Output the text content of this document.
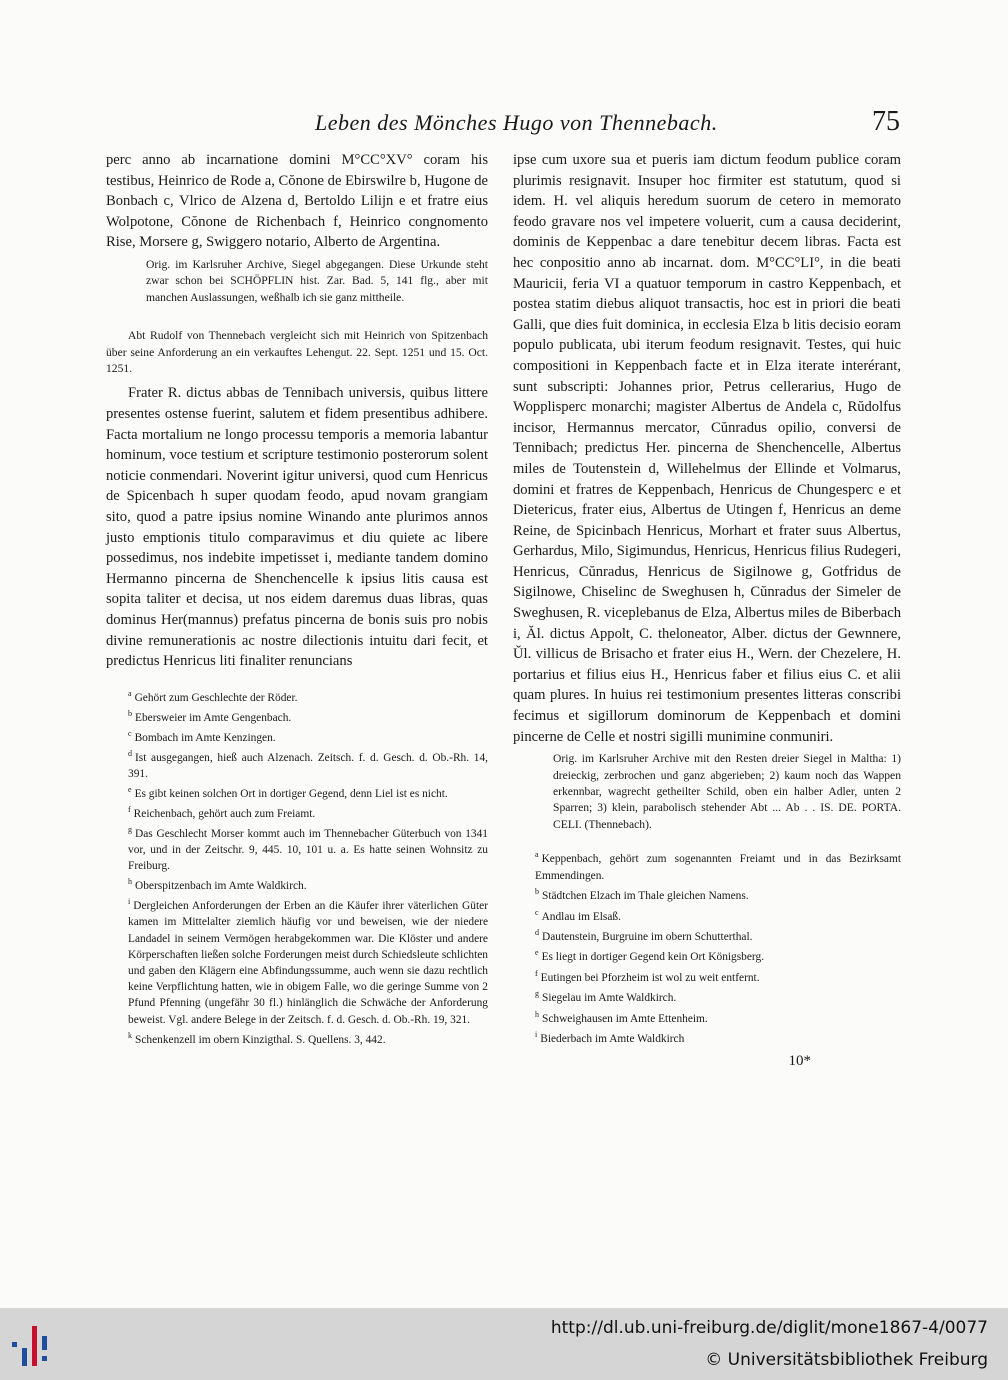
Leben des Mönches Hugo von Thennebach.	75

perc anno ab incarnatione domini M°CC°XV° coram his testibus, Heinrico de Rode a, Cŏnone de Ebirswilre b, Hugone de Bonbach c, Vlrico de Alzena d, Bertoldo Lilijn e et fratre eius Wolpotone, Cŏnone de Richenbach f, Heinrico congnomento Rise, Morsere g, Swiggero notario, Alberto de Argentina.

Orig. im Karlsruher Archive, Siegel abgegangen. Diese Urkunde steht zwar schon bei SCHÖPFLIN hist. Zar. Bad. 5, 141 flg., aber mit manchen Auslassungen, weßhalb ich sie ganz mittheile.

Abt Rudolf von Thennebach vergleicht sich mit Heinrich von Spitzenbach über seine Anforderung an ein verkauftes Lehengut. 22. Sept. 1251 und 15. Oct. 1251.

Frater R. dictus abbas de Tennibach universis, quibus littere presentes ostense fuerint, salutem et fidem presentibus adhibere. Facta mortalium ne longo processu temporis a memoria labantur hominum, voce testium et scripture testimonio posterorum solent noticie conmendari. Noverint igitur universi, quod cum Henricus de Spicenbach h super quodam feodo, apud novam grangiam sito, quod a patre ipsius nomine Winando ante plurimos annos justo emptionis titulo comparavimus et diu quiete ac libere possedimus, nos indebite impetisset i, mediante tandem domino Hermanno pincerna de Shenchencelle k ipsius litis causa est sopita taliter et decisa, ut nos eidem daremus duas libras, quas dominus Her(mannus) prefatus pincerna de bonis suis pro nobis divine remunerationis ac nostre dilectionis intuitu dari fecit, et predictus Henricus liti finaliter renuncians

$^a$ Gehört zum Geschlechte der Röder.

$^b$ Ebersweier im Amte Gengenbach.

$^c$ Bombach im Amte Kenzingen.

$^d$ Ist ausgegangen, hieß auch Alzenach. Zeitsch. f. d. Gesch. d. Ob.-Rh. 14, 391.

$^e$ Es gibt keinen solchen Ort in dortiger Gegend, denn Liel ist es nicht.

$^f$ Reichenbach, gehört auch zum Freiamt.

$^g$ Das Geschlecht Morser kommt auch im Thennebacher Güterbuch von 1341 vor, und in der Zeitschr. 9, 445. 10, 101 u. a. Es hatte seinen Wohnsitz zu Freiburg.

$^h$ Oberspitzenbach im Amte Waldkirch.

$^i$ Dergleichen Anforderungen der Erben an die Käufer ihrer väterlichen Güter kamen im Mittelalter ziemlich häufig vor und beweisen, wie der niedere Landadel in seinem Vermögen herabgekommen war. Die Klöster und andere Körperschaften ließen solche Forderungen meist durch Schiedsleute schlichten und gaben den Klägern eine Abfindungssumme, auch wenn sie dazu rechtlich keine Verpflichtung hatten, wie in obigem Falle, wo die geringe Summe von 2 Pfund Pfenning (ungefähr 30 fl.) hinlänglich die Schwäche der Anforderung beweist. Vgl. andere Belege in der Zeitsch. f. d. Gesch. d. Ob.-Rh. 19, 321.

$^k$ Schenkenzell im obern Kinzigthal. S. Quellens. 3, 442.

ipse cum uxore sua et pueris iam dictum feodum publice coram plurimis resignavit. Insuper hoc firmiter est statutum, quod si idem. H. vel aliquis heredum suorum de cetero in memorato feodo gravare nos vel impetere voluerit, cum a causa deciderint, dominis de Keppenbac a dare tenebitur decem libras. Facta est hec conpositio anno ab incarnat. dom. M°CC°LI°, in die beati Mauricii, feria VI a quatuor temporum in castro Keppenbach, et postea statim diebus aliquot transactis, hoc est in priori die beati Galli, que dies fuit dominica, in ecclesia Elza b litis decisio eoram populo publicata, ubi iterum feodum resignavit. Testes, qui huic compositioni in Keppenbach facte et in Elza iterate interérant, sunt subscripti: Johannes prior, Petrus cellerarius, Hugo de Wopplisperc monarchi; magister Albertus de Andela c, Rŭdolfus incisor, Hermannus mercator, Cŭnradus opilio, conversi de Tennibach; predictus Her. pincerna de Shenchencelle, Albertus miles de Toutenstein d, Willehelmus der Ellinde et Volmarus, domini et fratres de Keppenbach, Henricus de Chungesperc e et Dietericus, frater eius, Albertus de Utingen f, Henricus an deme Reine, de Spicinbach Henricus, Morhart et frater suus Albertus, Gerhardus, Milo, Sigimundus, Henricus, Henricus filius Rudegeri, Henricus, Cŭnradus, Henricus de Sigilnowe g, Gotfridus de Sigilnowe, Chiselinc de Sweghusen h, Cŭnradus der Simeler de Sweghusen, R. viceplebanus de Elza, Albertus miles de Biberbach i, Ăl. dictus Appolt, C. theloneator, Alber. dictus der Gewnnere, Ŭl. villicus de Brisacho et frater eius H., Wern. der Chezelere, H. portarius et filius eius H., Henricus faber et filius eius C. et alii quam plures. In huius rei testimonium presentes litteras conscribi fecimus et sigillorum dominorum de Keppenbach et domini pincerne de Celle et nostri sigilli munimine conmuniri.

Orig. im Karlsruher Archive mit den Resten dreier Siegel in Maltha: 1) dreieckig, zerbrochen und ganz abgerieben; 2) kaum noch das Wappen erkennbar, wagrecht getheilter Schild, oben ein halber Adler, unten 2 Sparren; 3) klein, parabolisch stehender Abt ... Ab . . IS. DE. PORTA. CELI. (Thennebach).

$^a$ Keppenbach, gehört zum sogenannten Freiamt und in das Bezirksamt Emmendingen.

$^b$ Städtchen Elzach im Thale gleichen Namens.

$^c$ Andlau im Elsaß.

$^d$ Dautenstein, Burgruine im obern Schutterthal.

$^e$ Es liegt in dortiger Gegend kein Ort Königsberg.

$^f$ Eutingen bei Pforzheim ist wol zu weit entfernt.

$^g$ Siegelau im Amte Waldkirch.

$^h$ Schweighausen im Amte Ettenheim.

$^i$ Biederbach im Amte Waldkirch

10*

http://dl.ub.uni-freiburg.de/diglit/mone1867-4/0077
© Universitätsbibliothek Freiburg
